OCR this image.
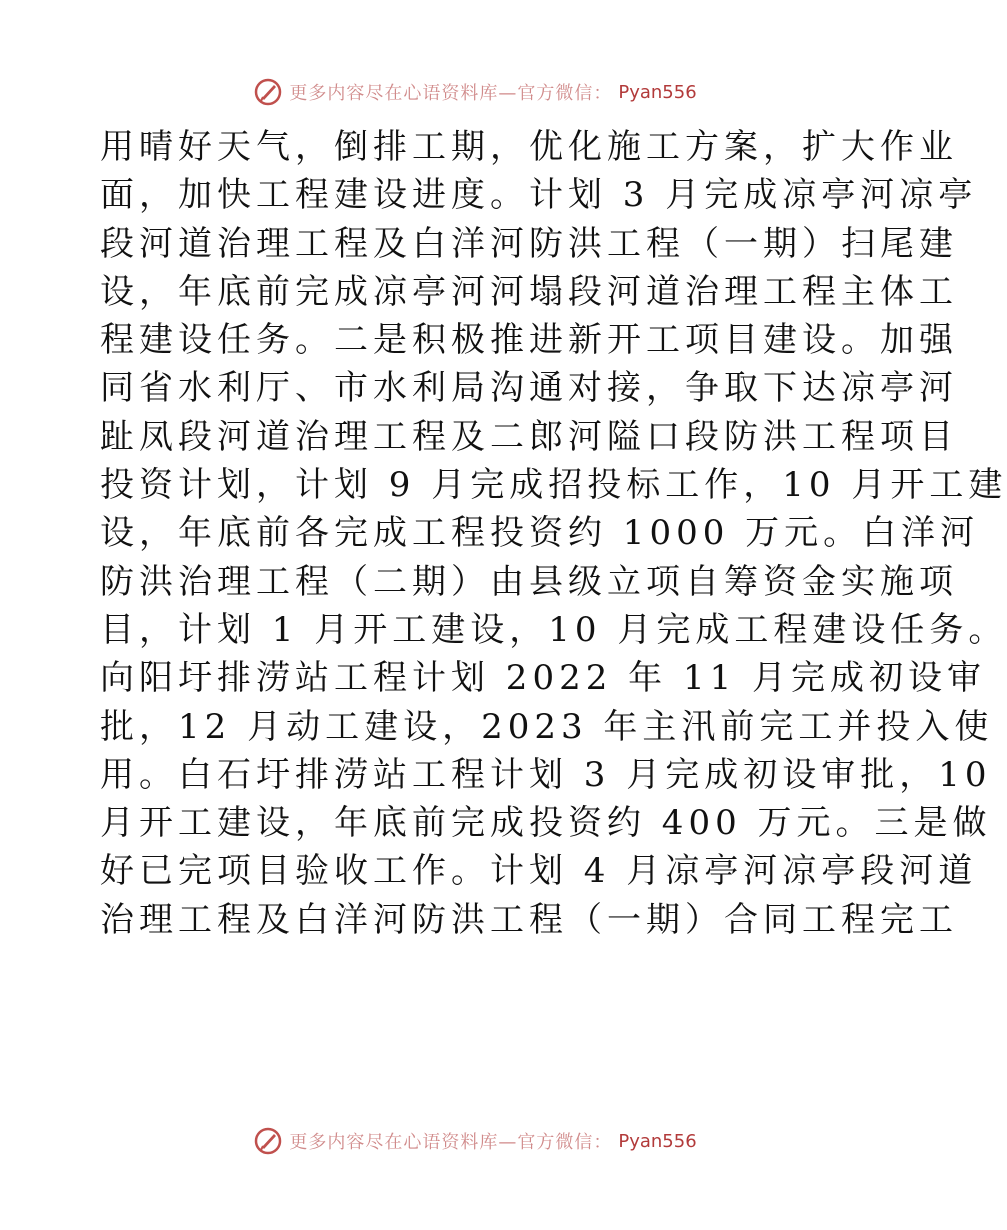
更多内容尽在心语资料库—官方微信： Pyan556
用晴好天气，倒排工期，优化施工方案，扩大作业
面，加快工程建设进度。计划 3 月完成凉亭河凉亭
段河道治理工程及白洋河防洪工程（一期）扫尾建
设，年底前完成凉亭河河塌段河道治理工程主体工
程建设任务。二是积极推进新开工项目建设。加强
同省水利厅、市水利局沟通对接，争取下达凉亭河
趾凤段河道治理工程及二郎河隘口段防洪工程项目
投资计划，计划 9 月完成招投标工作，10 月开工建
设，年底前各完成工程投资约 1000 万元。白洋河
防洪治理工程（二期）由县级立项自筹资金实施项
目，计划 1 月开工建设，10 月完成工程建设任务。
向阳圩排涝站工程计划 2022 年 11 月完成初设审
批，12 月动工建设，2023 年主汛前完工并投入使
用。白石圩排涝站工程计划 3 月完成初设审批，10
月开工建设，年底前完成投资约 400 万元。三是做
好已完项目验收工作。计划 4 月凉亭河凉亭段河道
治理工程及白洋河防洪工程（一期）合同工程完工
更多内容尽在心语资料库—官方微信： Pyan556
